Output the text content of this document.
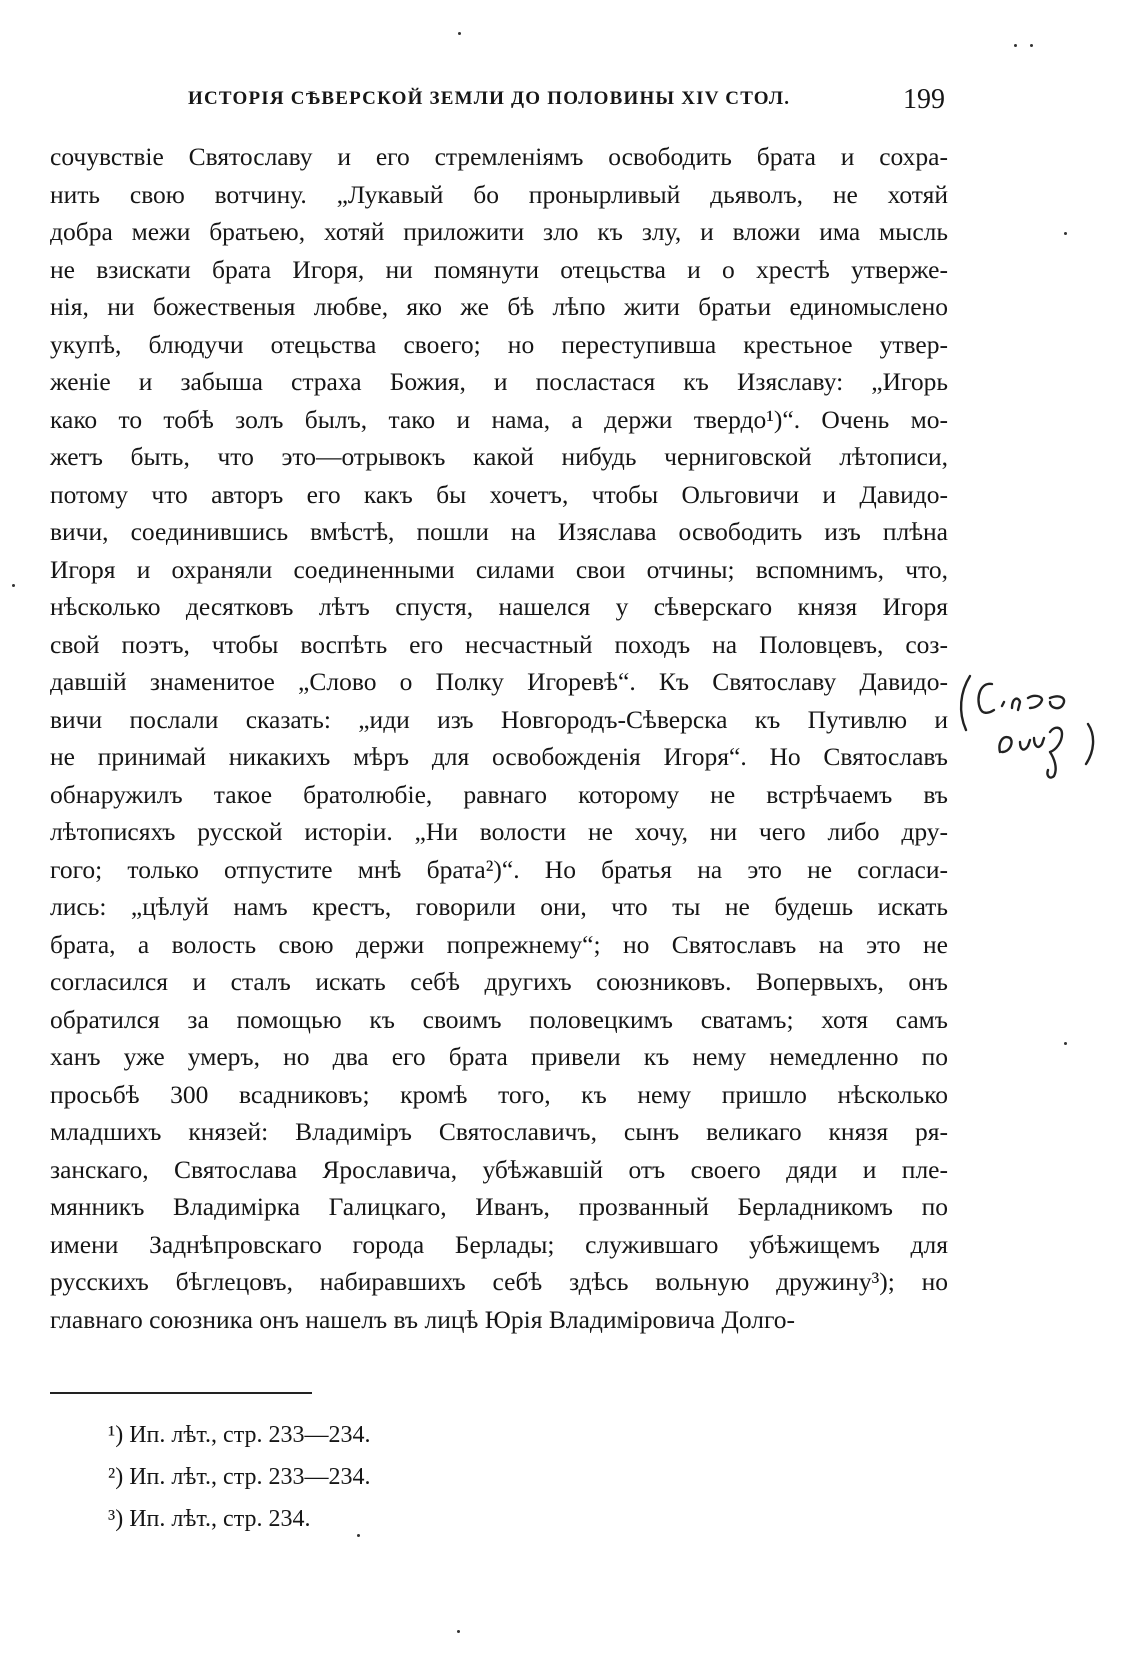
ИСТОРІЯ СѢВЕРСКОЙ ЗЕМЛИ ДО ПОЛОВИНЫ XIV СТОЛ.	199
сочувствіе Святославу и его стремленіямъ освободить брата и сохра-
нить свою вотчину. „Лукавый бо пронырливый дьяволъ, не хотяй
добра межи братьею, хотяй приложити зло къ злу, и вложи има мысль
не взискати брата Игоря, ни помянути отецьства и о хрестѣ утверже-
нія, ни божественыя любве, яко же бѣ лѣпо жити братьи единомыслено
укупѣ, блюдучи отецьства своего; но переступивша крестьное утвер-
женіе и забыша страха Божия, и посластася къ Изяславу: „Игорь
како то тобѣ золъ былъ, тако и нама, а держи твердо¹)“. Очень мо-
жетъ быть, что это—отрывокъ какой нибудь черниговской лѣтописи,
потому что авторъ его какъ бы хочетъ, чтобы Ольговичи и Давидо-
вичи, соединившись вмѣстѣ, пошли на Изяслава освободить изъ плѣна
Игоря и охраняли соединенными силами свои отчины; вспомнимъ, что,
нѣсколько десятковъ лѣтъ спустя, нашелся у сѣверскаго князя Игоря
свой поэтъ, чтобы воспѣть его несчастный походъ на Половцевъ, соз-
давшій знаменитое „Слово о Полку Игоревѣ“. Къ Святославу Давидо-
вичи послали сказать: „иди изъ Новгородъ-Сѣверска къ Путивлю и
не принимай никакихъ мѣръ для освобожденія Игоря“. Но Святославъ
обнаружилъ такое братолюбіе, равнаго которому не встрѣчаемъ въ
лѣтописяхъ русской исторіи. „Ни волости не хочу, ни чего либо дру-
гого; только отпустите мнѣ брата²)“. Но братья на это не согласи-
лись: „цѣлуй намъ крестъ, говорили они, что ты не будешь искать
брата, а волость свою держи попрежнему“; но Святославъ на это не
согласился и сталъ искать себѣ другихъ союзниковъ. Вопервыхъ, онъ
обратился за помощью къ своимъ половецкимъ сватамъ; хотя самъ
ханъ уже умеръ, но два его брата привели къ нему немедленно по
просьбѣ 300 всадниковъ; кромѣ того, къ нему пришло нѣсколько
младшихъ князей: Владиміръ Святославичъ, сынъ великаго князя ря-
занскаго, Святослава Ярославича, убѣжавшій отъ своего дяди и пле-
мянникъ Владимірка Галицкаго, Иванъ, прозванный Берладникомъ по
имени Заднѣпровскаго города Берлады; служившаго убѣжищемъ для
русскихъ бѣглецовъ, набиравшихъ себѣ здѣсь вольную дружину³); но
главнаго союзника онъ нашелъ въ лицѣ Юрія Владиміровича Долго-
¹) Ип. лѣт., стр. 233—234.
²) Ип. лѣт., стр. 233—234.
³) Ип. лѣт., стр. 234.
